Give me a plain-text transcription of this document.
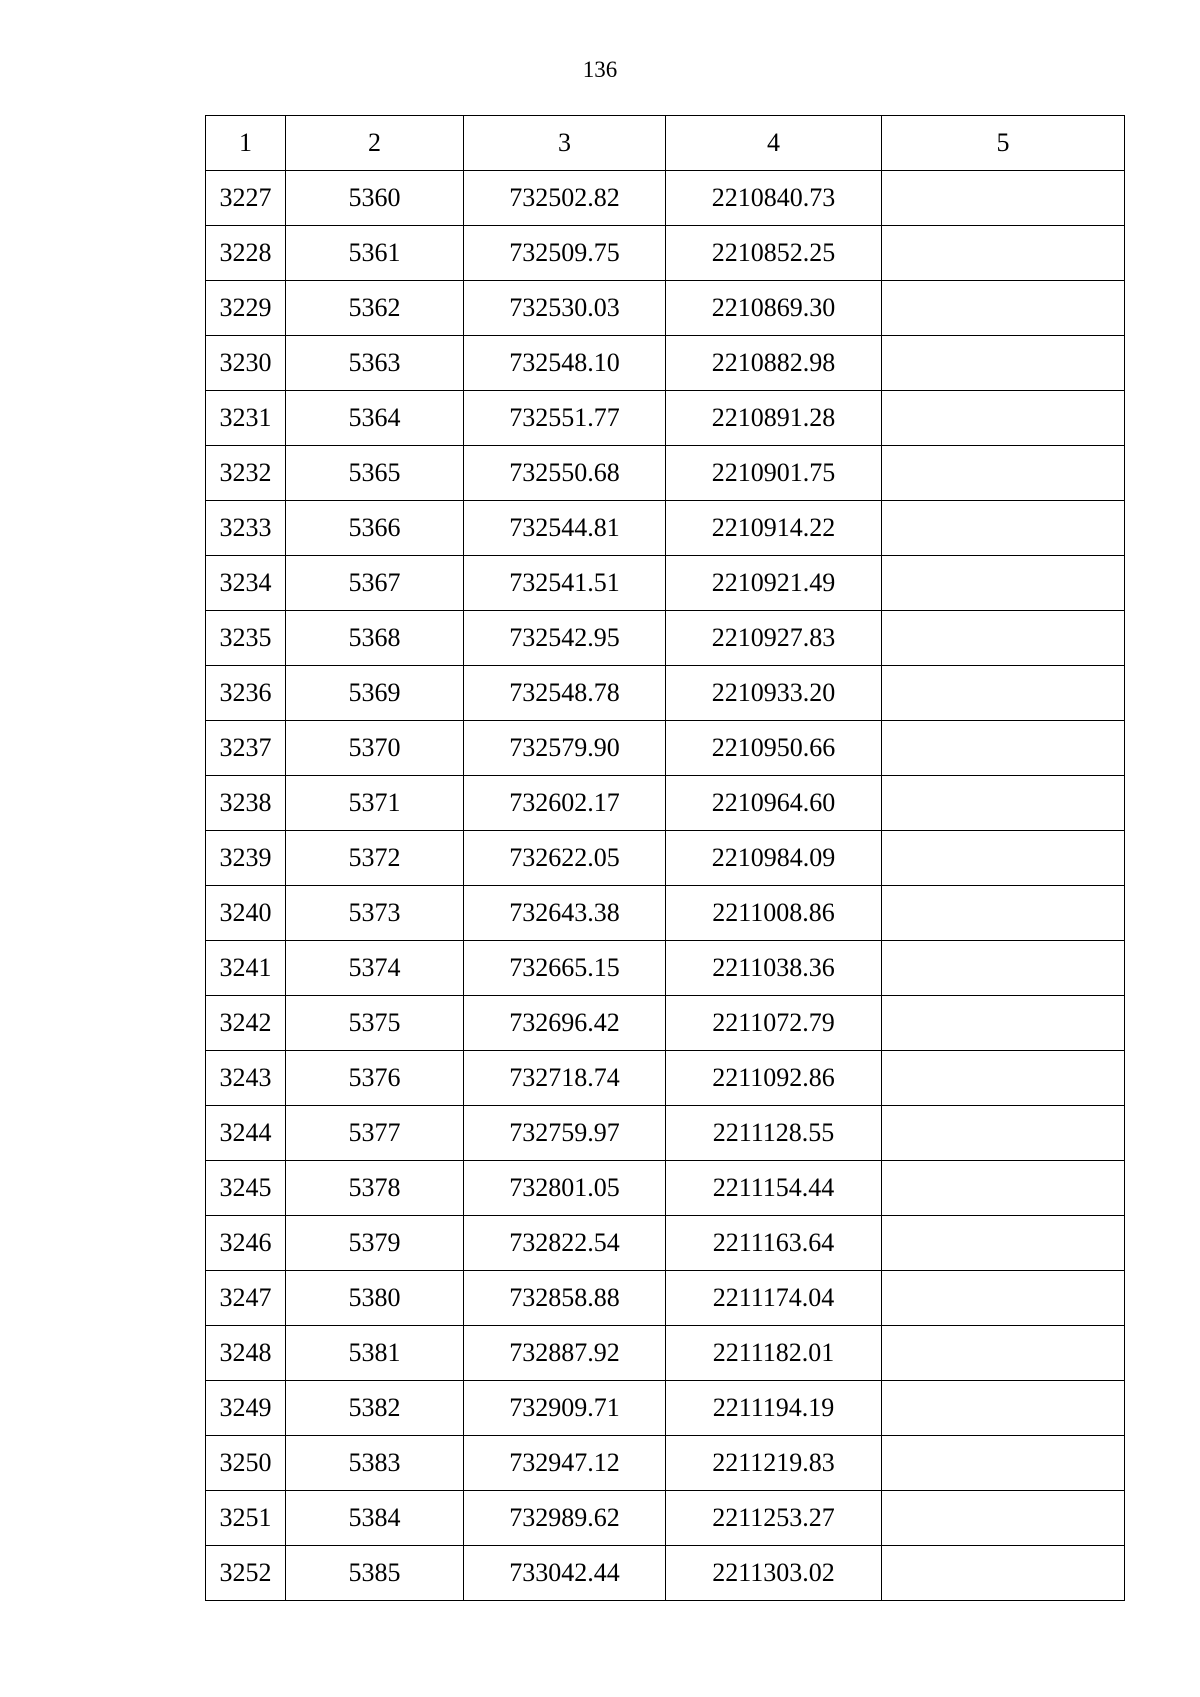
136
1	2	3	4	5
3227	5360	732502.82	2210840.73	
3228	5361	732509.75	2210852.25	
3229	5362	732530.03	2210869.30	
3230	5363	732548.10	2210882.98	
3231	5364	732551.77	2210891.28	
3232	5365	732550.68	2210901.75	
3233	5366	732544.81	2210914.22	
3234	5367	732541.51	2210921.49	
3235	5368	732542.95	2210927.83	
3236	5369	732548.78	2210933.20	
3237	5370	732579.90	2210950.66	
3238	5371	732602.17	2210964.60	
3239	5372	732622.05	2210984.09	
3240	5373	732643.38	2211008.86	
3241	5374	732665.15	2211038.36	
3242	5375	732696.42	2211072.79	
3243	5376	732718.74	2211092.86	
3244	5377	732759.97	2211128.55	
3245	5378	732801.05	2211154.44	
3246	5379	732822.54	2211163.64	
3247	5380	732858.88	2211174.04	
3248	5381	732887.92	2211182.01	
3249	5382	732909.71	2211194.19	
3250	5383	732947.12	2211219.83	
3251	5384	732989.62	2211253.27	
3252	5385	733042.44	2211303.02	
